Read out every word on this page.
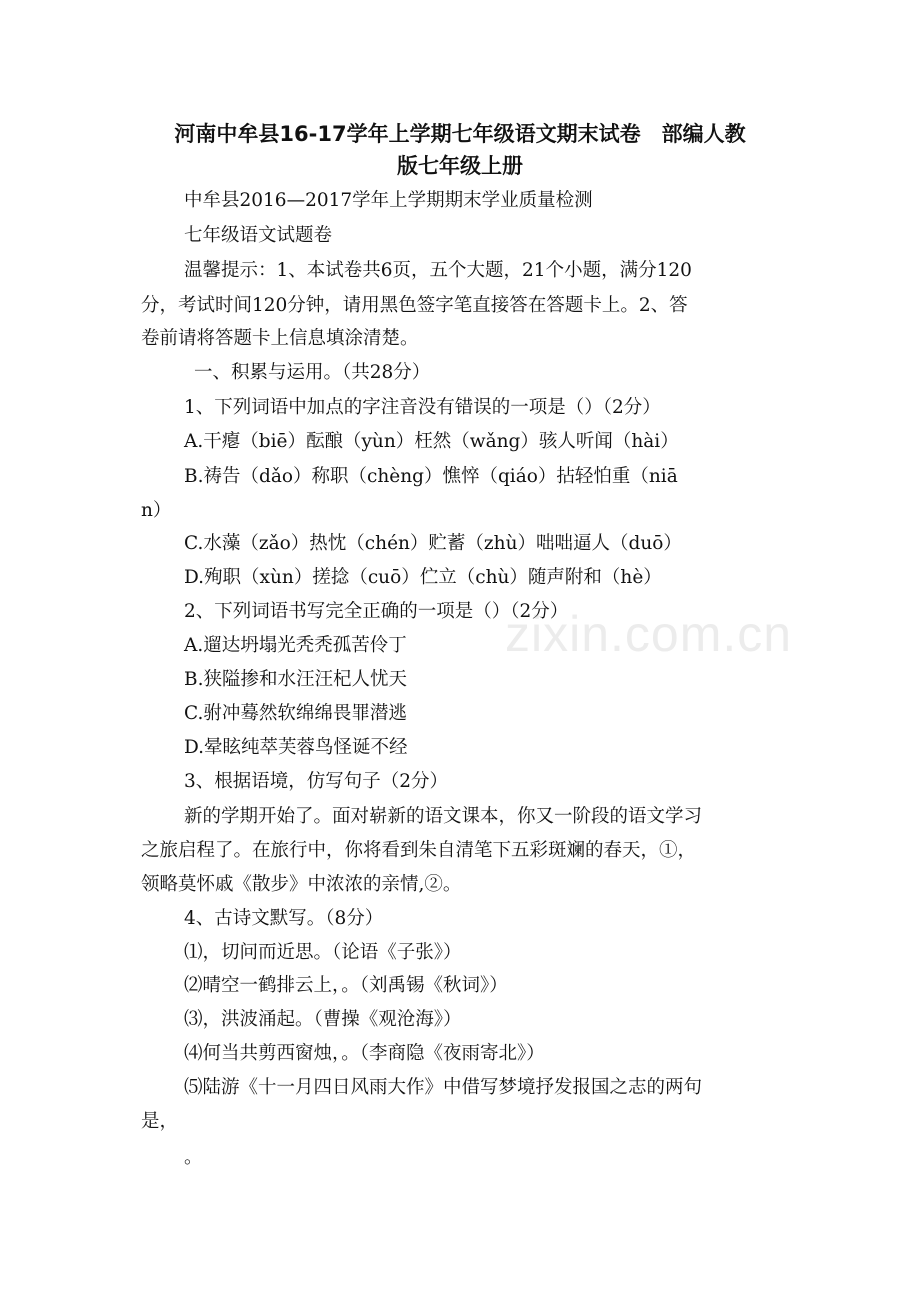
河南中牟县16-17学年上学期七年级语文期末试卷　部编人教
版七年级上册

中牟县2016—2017学年上学期期末学业质量检测

七年级语文试题卷

温馨提示：1、本试卷共6页，五个大题，21个小题，满分120

分，考试时间120分钟，请用黑色签字笔直接答在答题卡上。2、答

卷前请将答题卡上信息填涂清楚。

一、积累与运用。（共28分）

1、下列词语中加点的字注音没有错误的一项是（）（2分）

A.干瘪（biē）酝酿（yùn）枉然（wǎng）骇人听闻（hài）

B.祷告（dǎo）称职（chèng）憔悴（qiáo）拈轻怕重（niā

n）

C.水藻（zǎo）热忱（chén）贮蓄（zhù）咄咄逼人（duō）

D.殉职（xùn）搓捻（cuō）伫立（chù）随声附和（hè）

2、下列词语书写完全正确的一项是（）（2分）

A.遛达坍塌光秃秃孤苦伶丁

B.狭隘掺和水汪汪杞人忧天

C.驸冲蓦然软绵绵畏罪潜逃

D.晕眩纯萃芙蓉鸟怪诞不经

3、根据语境，仿写句子（2分）

新的学期开始了。面对崭新的语文课本，你又一阶段的语文学习

之旅启程了。在旅行中，你将看到朱自清笔下五彩斑斓的春天，①，

领略莫怀戚《散步》中浓浓的亲情,②。

4、古诗文默写。（8分）

⑴，切问而近思。（论语《子张》）

⑵晴空一鹤排云上，。（刘禹锡《秋词》）

⑶，洪波涌起。（曹操《观沧海》）

⑷何当共剪西窗烛，。（李商隐《夜雨寄北》）

⑸陆游《十一月四日风雨大作》中借写梦境抒发报国之志的两句

是，

。

zixin.com.cn
